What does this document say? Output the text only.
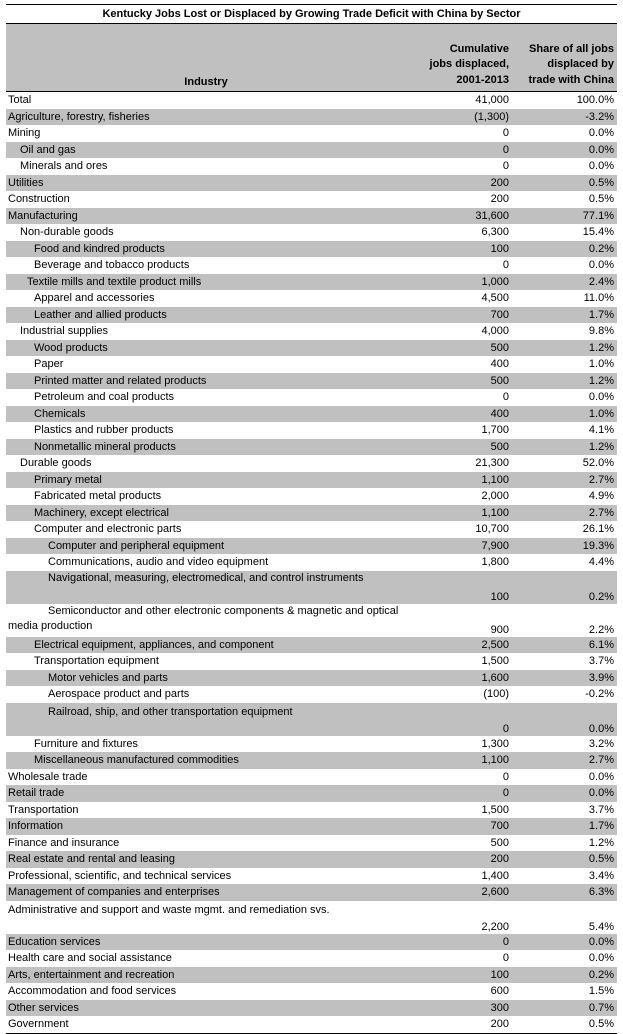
Kentucky Jobs Lost or Displaced by Growing Trade Deficit with China by Sector
Industry
Cumulative
jobs displaced,
2001-2013
Share of all jobs
displaced by
trade with China
Total	41,000	100.0%
Agriculture, forestry, fisheries	(1,300)	-3.2%
Mining	0	0.0%
Oil and gas	0	0.0%
Minerals and ores	0	0.0%
Utilities	200	0.5%
Construction	200	0.5%
Manufacturing	31,600	77.1%
Non-durable goods	6,300	15.4%
Food and kindred products	100	0.2%
Beverage and tobacco products	0	0.0%
Textile mills and textile product mills	1,000	2.4%
Apparel and accessories	4,500	11.0%
Leather and allied products	700	1.7%
Industrial supplies	4,000	9.8%
Wood products	500	1.2%
Paper	400	1.0%
Printed matter and related products	500	1.2%
Petroleum and coal products	0	0.0%
Chemicals	400	1.0%
Plastics and rubber products	1,700	4.1%
Nonmetallic mineral products	500	1.2%
Durable goods	21,300	52.0%
Primary metal	1,100	2.7%
Fabricated metal products	2,000	4.9%
Machinery, except electrical	1,100	2.7%
Computer and electronic parts	10,700	26.1%
Computer and peripheral equipment	7,900	19.3%
Communications, audio and video equipment	1,800	4.4%
Navigational, measuring, electromedical, and control instruments
100	0.2%
Semiconductor and other electronic components & magnetic and optical media production	900	2.2%
Electrical equipment, appliances, and component	2,500	6.1%
Transportation equipment	1,500	3.7%
Motor vehicles and parts	1,600	3.9%
Aerospace product and parts	(100)	-0.2%
Railroad, ship, and other transportation equipment
0	0.0%
Furniture and fixtures	1,300	3.2%
Miscellaneous manufactured commodities	1,100	2.7%
Wholesale trade	0	0.0%
Retail trade	0	0.0%
Transportation	1,500	3.7%
Information	700	1.7%
Finance and insurance	500	1.2%
Real estate and rental and leasing	200	0.5%
Professional, scientific, and technical services	1,400	3.4%
Management of companies and enterprises	2,600	6.3%
Administrative and support and waste mgmt. and remediation svs.
2,200	5.4%
Education services	0	0.0%
Health care and social assistance	0	0.0%
Arts, entertainment and recreation	100	0.2%
Accommodation and food services	600	1.5%
Other services	300	0.7%
Government	200	0.5%
